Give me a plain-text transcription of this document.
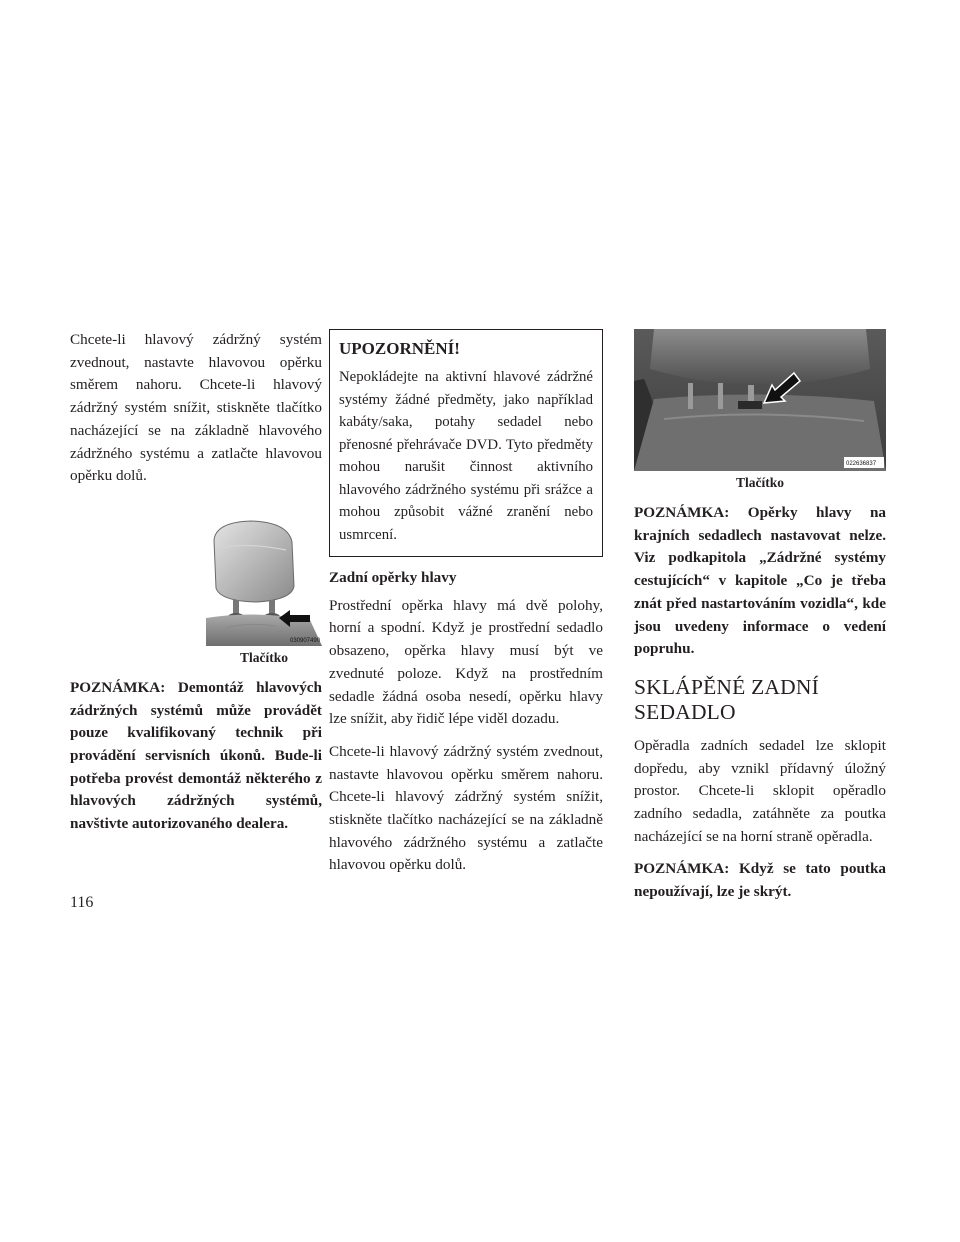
Chcete-li hlavový zádržný systém zvednout, nastavte hlavovou opěrku směrem nahoru. Chcete-li hlavový zádržný systém snížit, stiskněte tlačítko nacházející se na základně hlavového zádržného systému a zatlačte hlavovou opěrku dolů.

030907490
Tlačítko

POZNÁMKA: Demontáž hlavových zádržných systémů může provádět pouze kvalifikovaný technik při provádění servisních úkonů. Bude-li potřeba provést demontáž některého z hlavových zádržných systémů, navštivte autorizovaného dealera.

UPOZORNĚNÍ!

Nepokládejte na aktivní hlavové zádržné systémy žádné předměty, jako například kabáty/saka, potahy sedadel nebo přenosné přehrávače DVD. Tyto předměty mohou narušit činnost aktivního hlavového zádržného systému při srážce a mohou způsobit vážné zranění nebo usmrcení.

Zadní opěrky hlavy

Prostřední opěrka hlavy má dvě polohy, horní a spodní. Když je prostřední sedadlo obsazeno, opěrka hlavy musí být ve zvednuté poloze. Když na prostředním sedadle žádná osoba nesedí, opěrku hlavy lze snížit, aby řidič lépe viděl dozadu.

Chcete-li hlavový zádržný systém zvednout, nastavte hlavovou opěrku směrem nahoru. Chcete-li hlavový zádržný systém snížit, stiskněte tlačítko nacházející se na základně hlavového zádržného systému a zatlačte hlavovou opěrku dolů.

022636837
Tlačítko

POZNÁMKA: Opěrky hlavy na krajních sedadlech nastavovat nelze. Viz podkapitola „Zádržné systémy cestujících“ v kapitole „Co je třeba znát před nastartováním vozidla“, kde jsou uvedeny informace o vedení popruhu.

SKLÁPĚNÉ ZADNÍ SEDADLO

Opěradla zadních sedadel lze sklopit dopředu, aby vznikl přídavný úložný prostor. Chcete-li sklopit opěradlo zadního sedadla, zatáhněte za poutka nacházející se na horní straně opěradla.

POZNÁMKA: Když se tato poutka nepoužívají, lze je skrýt.

116
